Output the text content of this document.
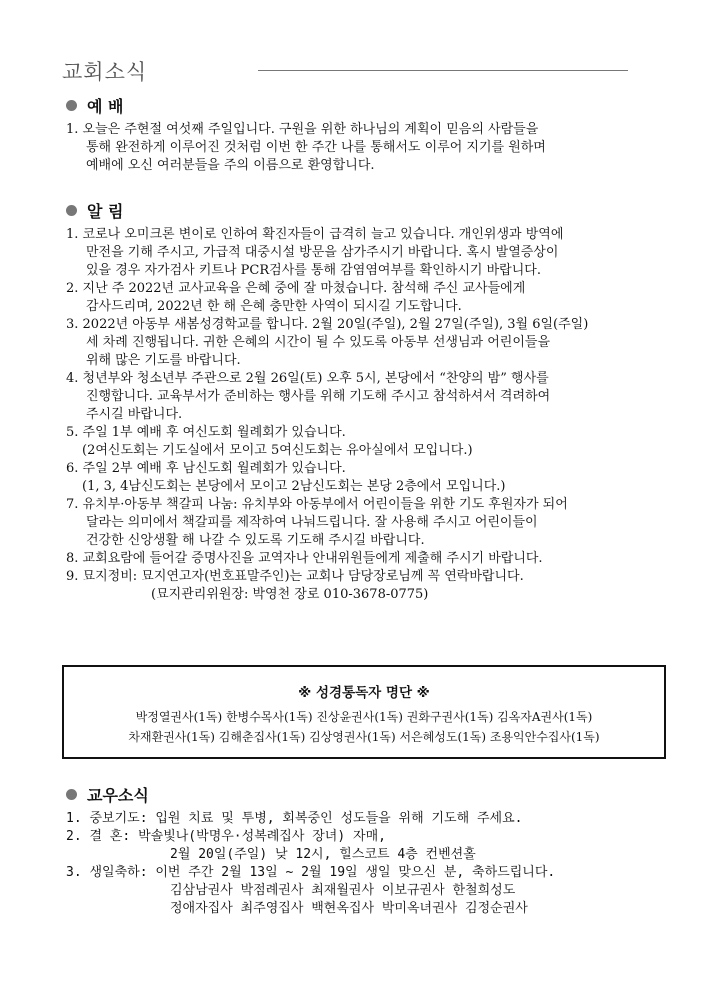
교회소식
예 배
1. 오늘은 주현절 여섯째 주일입니다. 구원을 위한 하나님의 계획이 믿음의 사람들을
통해 완전하게 이루어진 것처럼 이번 한 주간 나를 통해서도 이루어 지기를 원하며
예배에 오신 여러분들을 주의 이름으로 환영합니다.
알 림
1. 코로나 오미크론 변이로 인하여 확진자들이 급격히 늘고 있습니다. 개인위생과 방역에
만전을 기해 주시고, 가급적 대중시설 방문을 삼가주시기 바랍니다. 혹시 발열증상이
있을 경우 자가검사 키트나 PCR검사를 통해 감염염여부를 확인하시기 바랍니다.
2. 지난 주 2022년 교사교육을 은혜 중에 잘 마쳤습니다. 참석해 주신 교사들에게
감사드리며, 2022년 한 해 은혜 충만한 사역이 되시길 기도합니다.
3. 2022년 아동부 새봄성경학교를 합니다. 2월 20일(주일), 2월 27일(주일), 3월 6일(주일)
세 차례 진행됩니다. 귀한 은혜의 시간이 될 수 있도록 아동부 선생님과 어린이들을
위해 많은 기도를 바랍니다.
4. 청년부와 청소년부 주관으로 2월 26일(토) 오후 5시, 본당에서 “찬양의 밤” 행사를
진행합니다. 교육부서가 준비하는 행사를 위해 기도해 주시고 참석하셔서 격려하여
주시길 바랍니다.
5. 주일 1부 예배 후 여신도회 월례회가 있습니다.
(2여신도회는 기도실에서 모이고 5여신도회는 유아실에서 모입니다.)
6. 주일 2부 예배 후 남신도회 월례회가 있습니다.
(1, 3, 4남신도회는 본당에서 모이고 2남신도회는 본당 2층에서 모입니다.)
7. 유치부·아동부 책갈피 나눔: 유치부와 아동부에서 어린이들을 위한 기도 후원자가 되어
달라는 의미에서 책갈피를 제작하여 나눠드립니다. 잘 사용해 주시고 어린이들이
건강한 신앙생활 해 나갈 수 있도록 기도해 주시길 바랍니다.
8. 교회요람에 들어갈 증명사진을 교역자나 안내위원들에게 제출해 주시기 바랍니다.
9. 묘지정비: 묘지연고자(번호표말주인)는 교회나 담당장로님께 꼭 연락바랍니다.
(묘지관리위원장: 박영천 장로 010-3678-0775)
※ 성경통독자 명단 ※
박정열권사(1독) 한병수목사(1독) 진상윤권사(1독) 권화구권사(1독) 김옥자A권사(1독)
차재환권사(1독) 김해춘집사(1독) 김상영권사(1독) 서은혜성도(1독) 조용익안수집사(1독)
교우소식
1. 중보기도: 입원 치료 및 투병, 회복중인 성도들을 위해 기도해 주세요.
2. 결 혼: 박솔빛나(박명우·성복례집사 장녀) 자매,
2월 20일(주일) 낮 12시, 힐스코트 4층 컨벤션홀
3. 생일축하: 이번 주간 2월 13일 ~ 2월 19일 생일 맞으신 분, 축하드립니다.
김삼남권사 박점례권사 최재월권사 이보규권사 한철희성도
정애자집사 최주영집사 백현옥집사 박미옥녀권사 김정순권사
